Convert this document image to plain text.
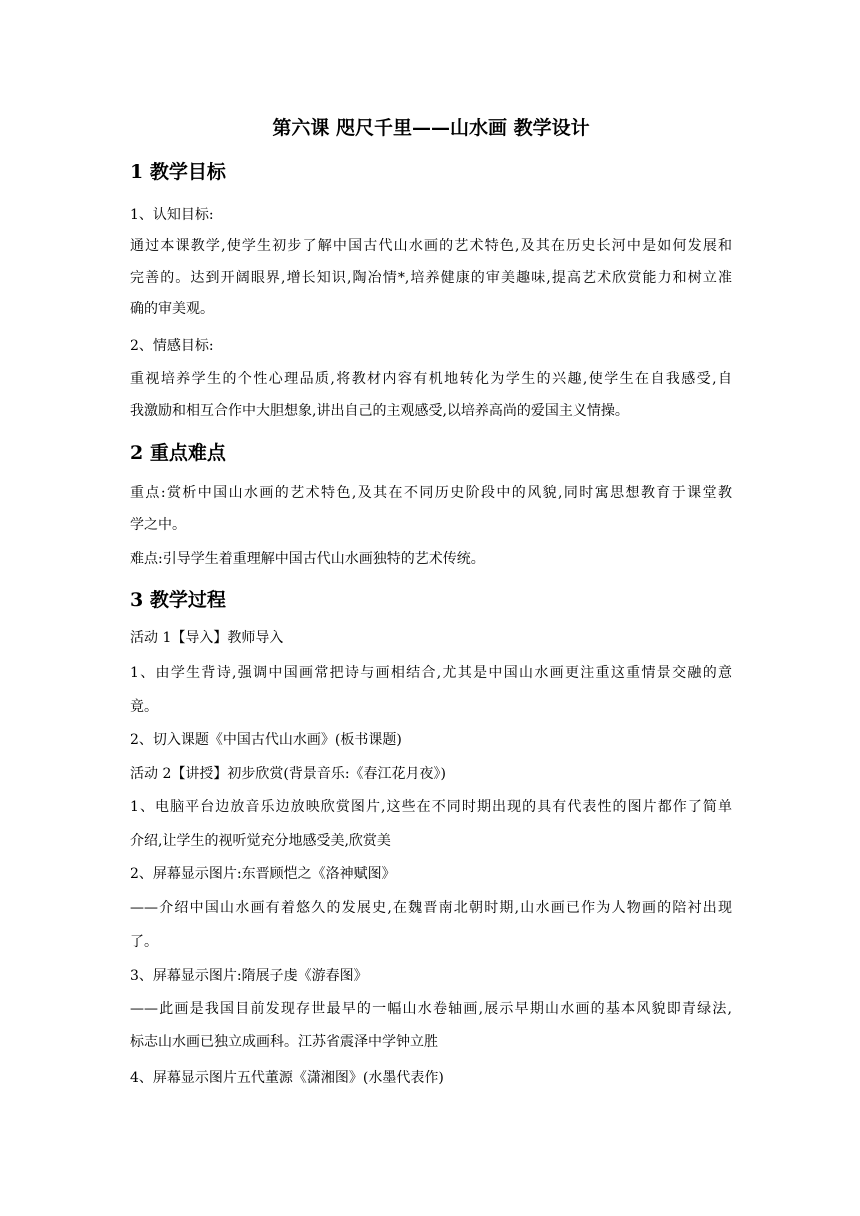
第六课 咫尺千里——山水画 教学设计
1 教学目标
1、认知目标:
通过本课教学,使学生初步了解中国古代山水画的艺术特色,及其在历史长河中是如何发展和
完善的。达到开阔眼界,增长知识,陶冶情*,培养健康的审美趣味,提高艺术欣赏能力和树立准
确的审美观。
2、情感目标:
重视培养学生的个性心理品质,将教材内容有机地转化为学生的兴趣,使学生在自我感受,自
我激励和相互合作中大胆想象,讲出自己的主观感受,以培养高尚的爱国主义情操。
2 重点难点
重点:赏析中国山水画的艺术特色,及其在不同历史阶段中的风貌,同时寓思想教育于课堂教
学之中。
难点:引导学生着重理解中国古代山水画独特的艺术传统。
3 教学过程
活动 1【导入】教师导入
1、由学生背诗,强调中国画常把诗与画相结合,尤其是中国山水画更注重这重情景交融的意
竟。
2、切入课题《中国古代山水画》(板书课题)
活动 2【讲授】初步欣赏(背景音乐:《春江花月夜》)
1、电脑平台边放音乐边放映欣赏图片,这些在不同时期出现的具有代表性的图片都作了简单
介绍,让学生的视听觉充分地感受美,欣赏美
2、屏幕显示图片:东晋顾恺之《洛神赋图》
——介绍中国山水画有着悠久的发展史,在魏晋南北朝时期,山水画已作为人物画的陪衬出现
了。
3、屏幕显示图片:隋展子虔《游春图》
——此画是我国目前发现存世最早的一幅山水卷轴画,展示早期山水画的基本风貌即青绿法,
标志山水画已独立成画科。江苏省震泽中学钟立胜
4、屏幕显示图片五代董源《潇湘图》(水墨代表作)
